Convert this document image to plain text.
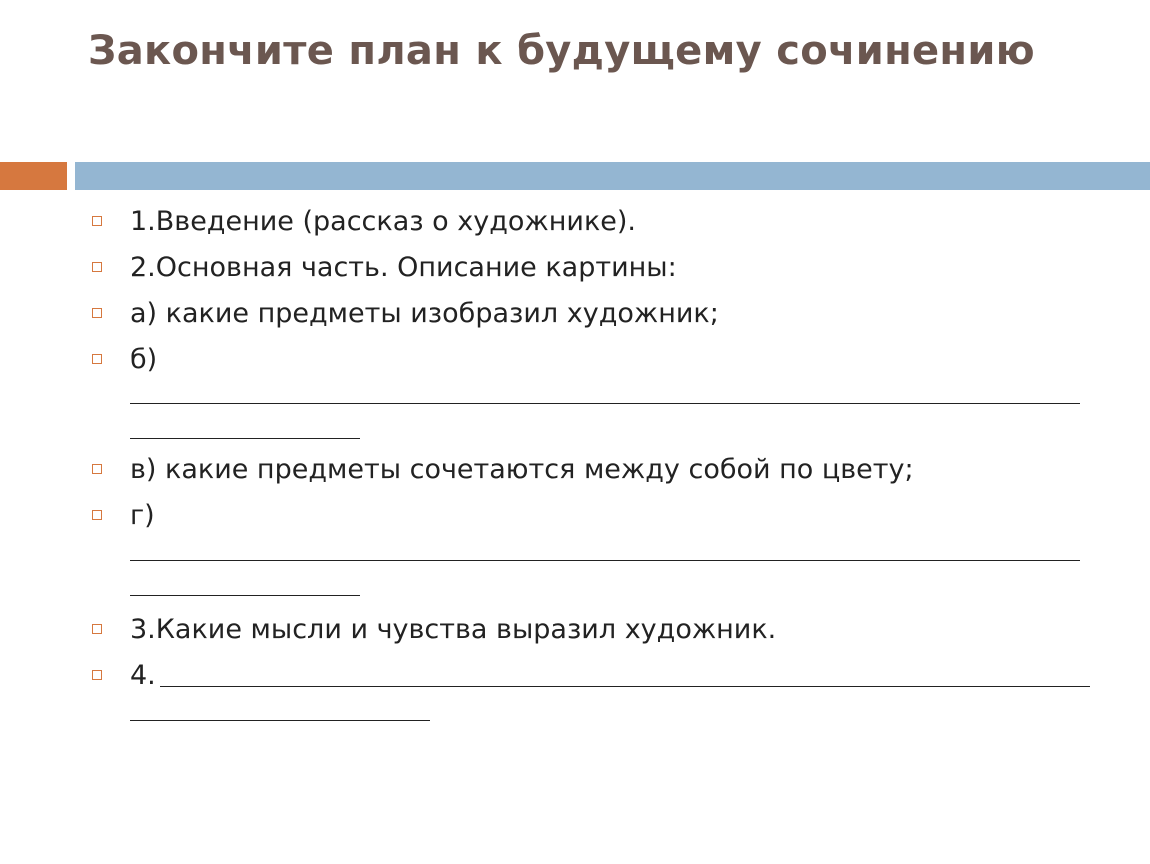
Закончите план к будущему сочинению
1.Введение (рассказ о художнике).
2.Основная часть. Описание картины:
а) какие предметы изобразил художник;
б)
в) какие предметы сочетаются между собой по цвету;
г)
3.Какие мысли и чувства выразил художник.
4.
